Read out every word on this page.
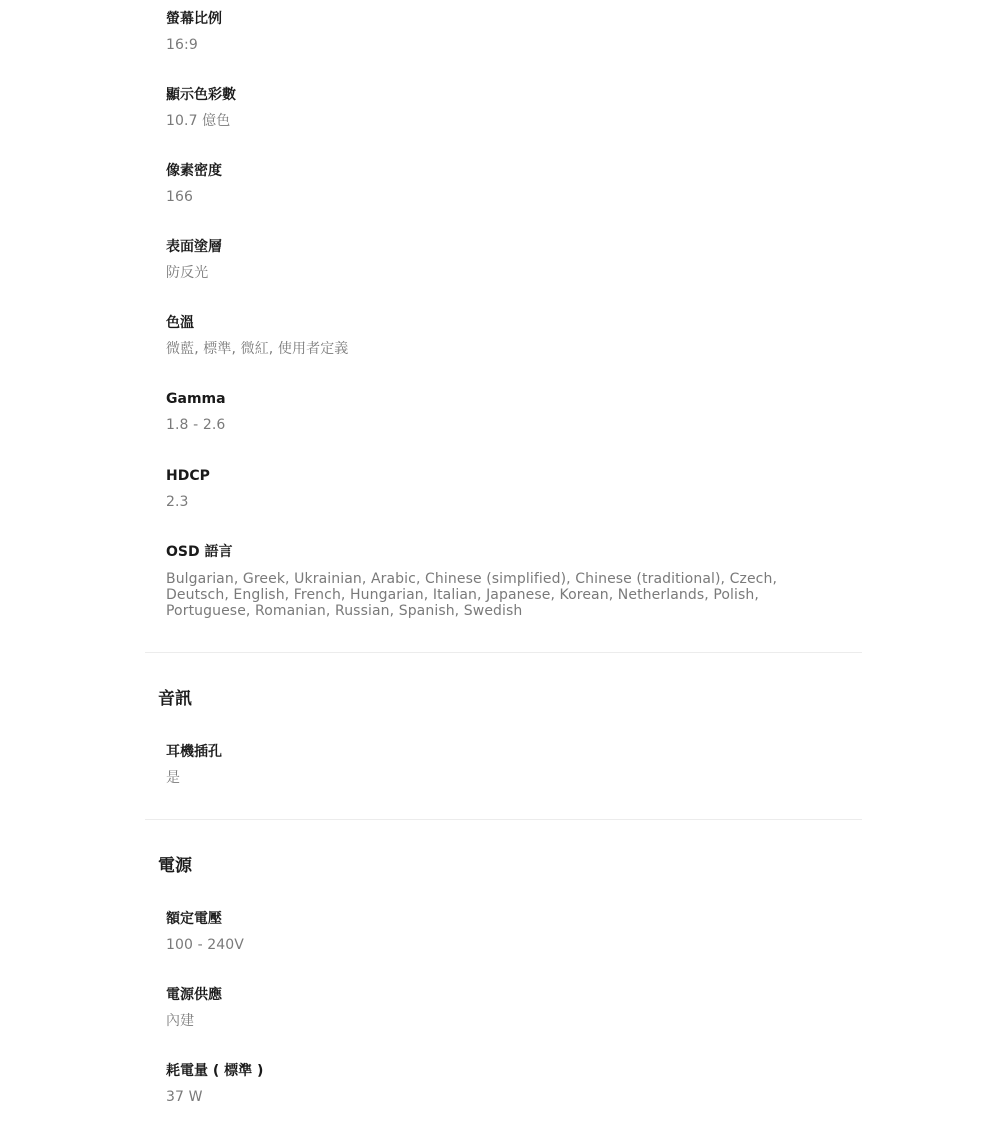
螢幕比例
16:9
顯示色彩數
10.7 億色
像素密度
166
表面塗層
防反光
色溫
微藍, 標準, 微紅, 使用者定義
Gamma
1.8 - 2.6
HDCP
2.3
OSD 語言
Bulgarian, Greek, Ukrainian, Arabic, Chinese (simplified), Chinese (traditional), Czech,
Deutsch, English, French, Hungarian, Italian, Japanese, Korean, Netherlands, Polish,
Portuguese, Romanian, Russian, Spanish, Swedish
音訊
耳機插孔
是
電源
額定電壓
100 - 240V
電源供應
內建
耗電量 ( 標準 )
37 W
